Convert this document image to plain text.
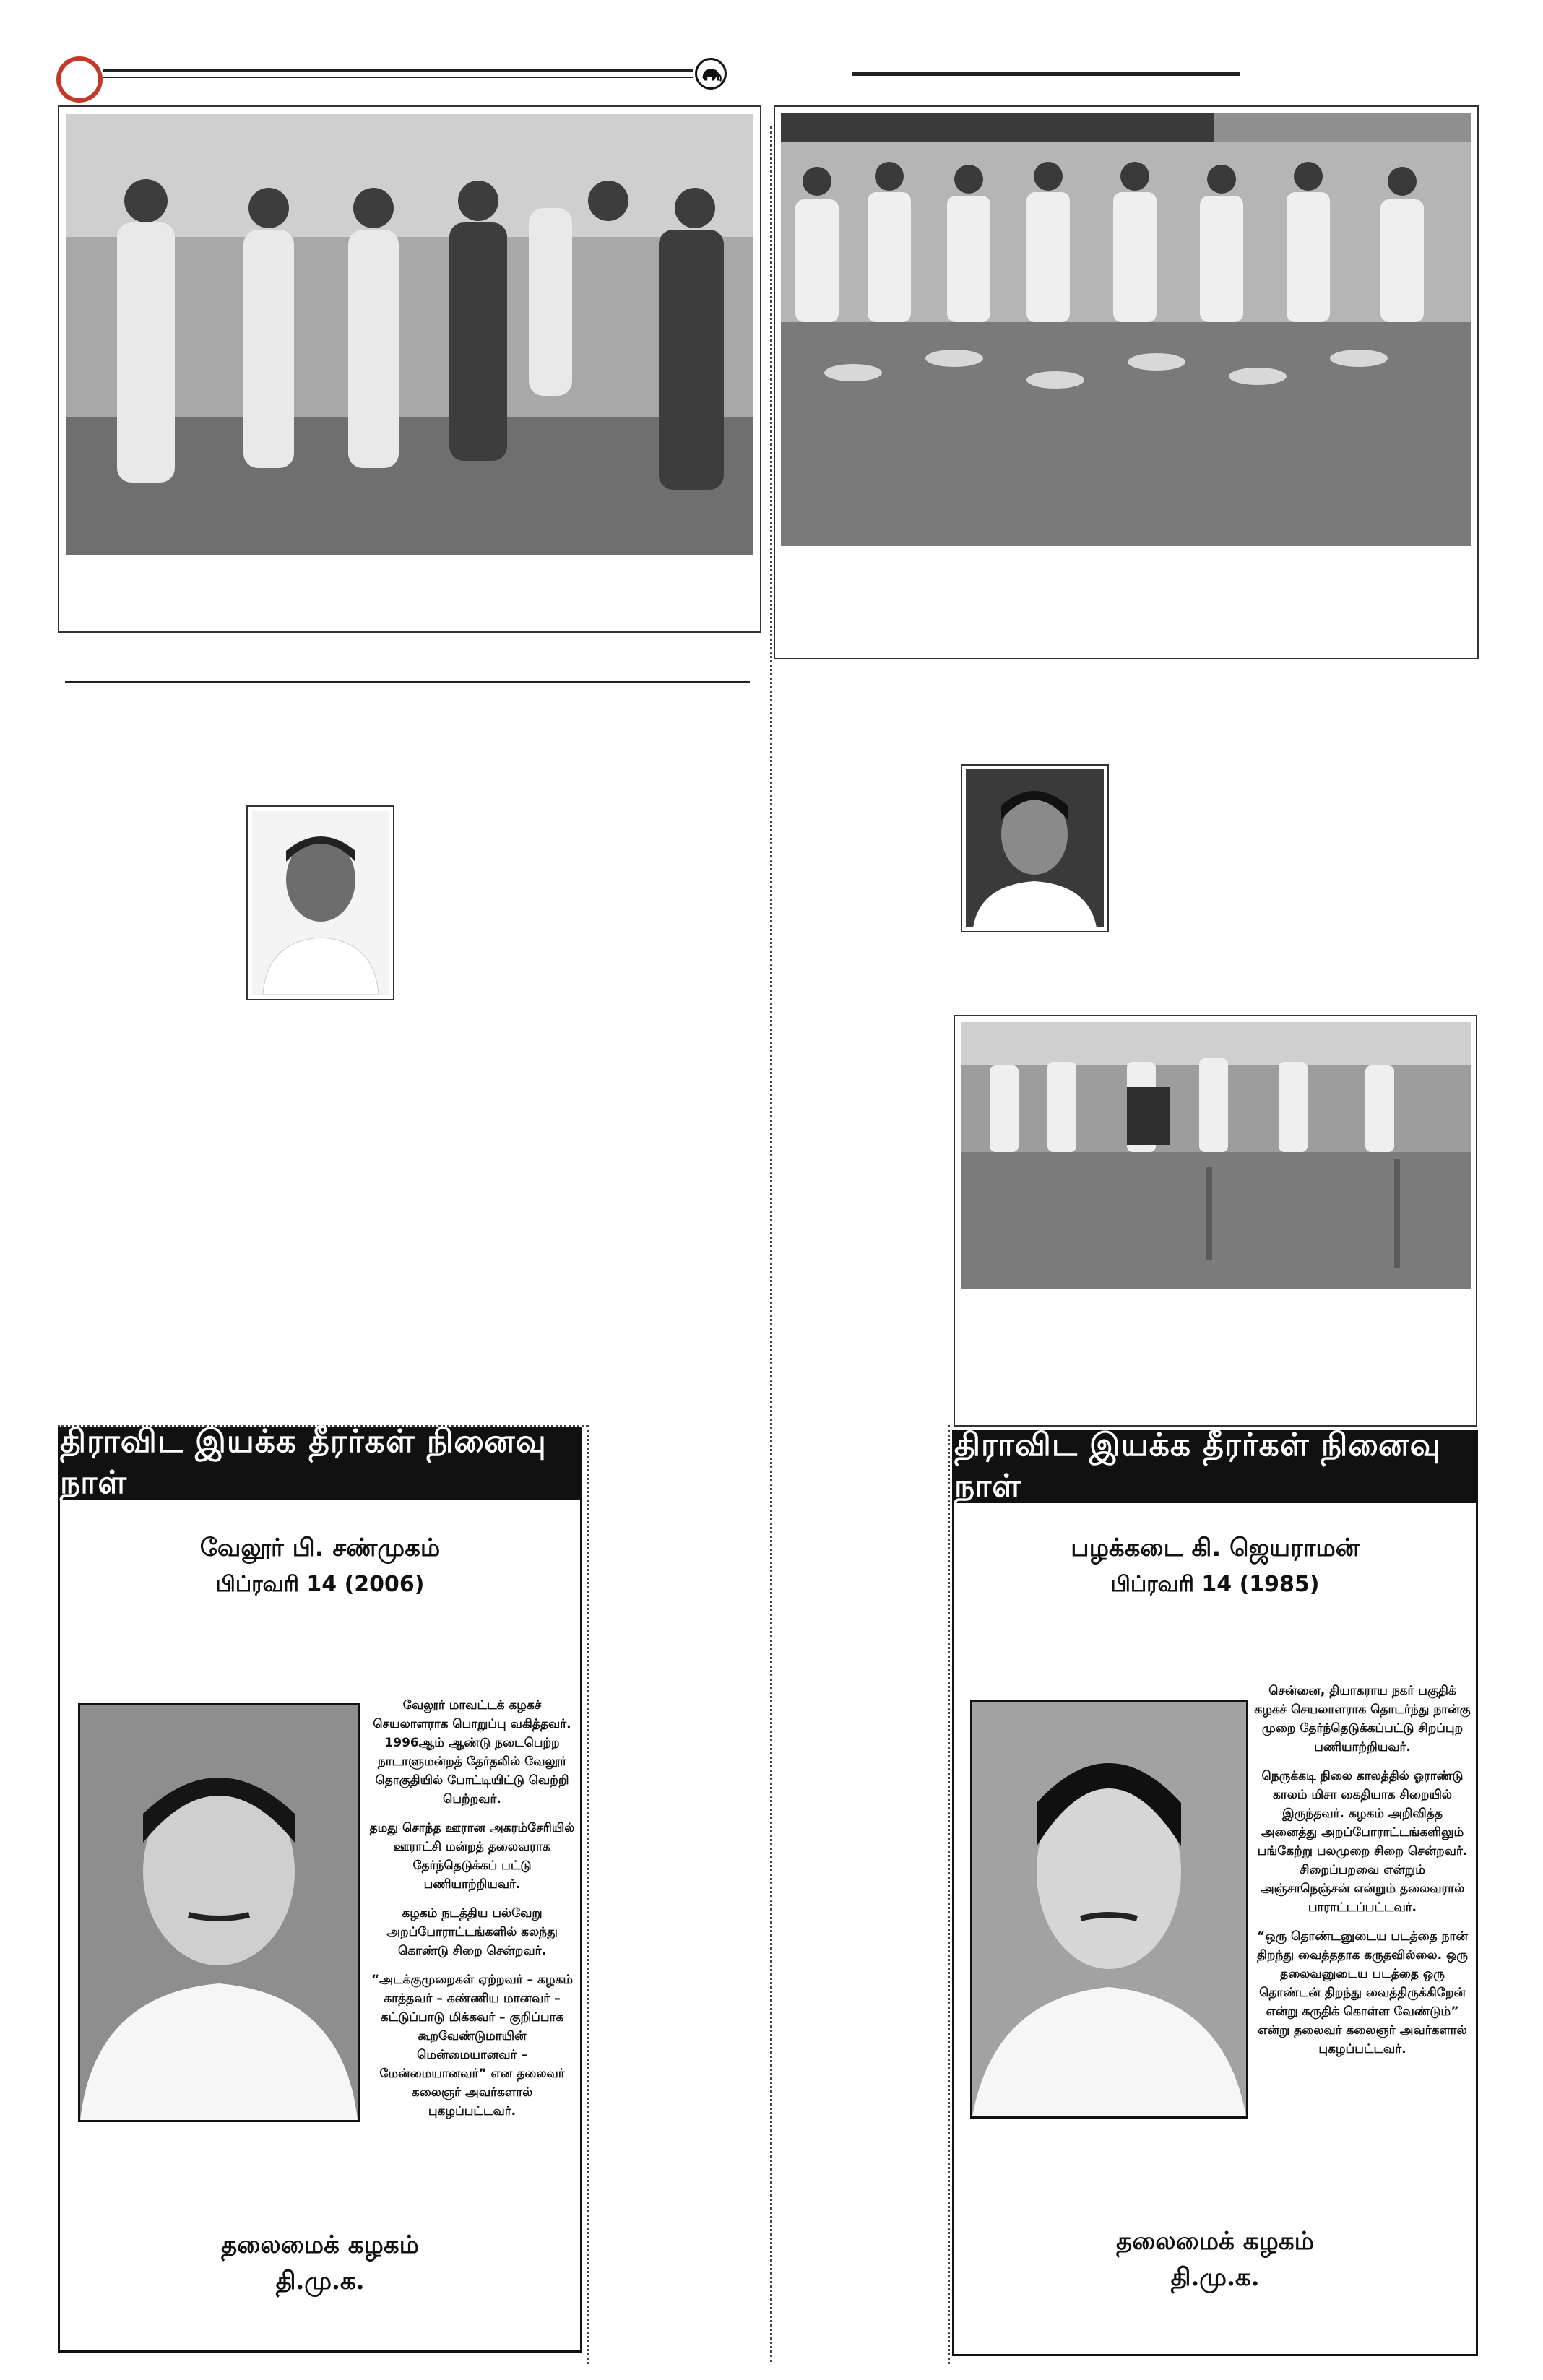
திராவிட இயக்க தீரர்கள் நினைவு நாள்
வேலூர் பி. சண்முகம்
பிப்ரவரி 14 (2006)

வேலூர் மாவட்டக் கழகச் செயலாளராக பொறுப்பு வகித்தவர். 1996ஆம் ஆண்டு நடைபெற்ற நாடாளுமன்றத் தேர்தலில் வேலூர் தொகுதியில் போட்டியிட்டு வெற்றி பெற்றவர்.

தமது சொந்த ஊரான அகரம்சேரியில் ஊராட்சி மன்றத் தலைவராக தேர்ந்தெடுக்கப் பட்டு பணியாற்றியவர்.

கழகம் நடத்திய பல்வேறு அறப்போராட்டங்களில் கலந்து கொண்டு சிறை சென்றவர்.

“அடக்குமுறைகள் ஏற்றவர் – கழகம் காத்தவர் – கண்ணிய மானவர் – கட்டுப்பாடு மிக்கவர் – குறிப்பாக கூறவேண்டுமாயின் மென்மையானவர் – மேன்மையானவர்” என தலைவர் கலைஞர் அவர்களால் புகழப்பட்டவர்.

தலைமைக் கழகம்
தி.மு.க.
திராவிட இயக்க தீரர்கள் நினைவு நாள்
பழக்கடை கி. ஜெயராமன்
பிப்ரவரி 14 (1985)

சென்னை, தியாகராய நகர் பகுதிக் கழகச் செயலாளராக தொடர்ந்து நான்கு முறை தேர்ந்தெடுக்கப்பட்டு சிறப்புற பணியாற்றியவர்.

நெருக்கடி நிலை காலத்தில் ஓராண்டு காலம் மிசா கைதியாக சிறையில் இருந்தவர். கழகம் அறிவித்த அனைத்து அறப்போராட்டங்களிலும் பங்கேற்று பலமுறை சிறை சென்றவர். சிறைப்பறவை என்றும் அஞ்சாநெஞ்சன் என்றும் தலைவரால் பாராட்டப்பட்டவர்.

“ஒரு தொண்டனுடைய படத்தை நான் திறந்து வைத்ததாக கருதவில்லை. ஒரு தலைவனுடைய படத்தை ஒரு தொண்டன் திறந்து வைத்திருக்கிறேன் என்று கருதிக் கொள்ள வேண்டும்” என்று தலைவர் கலைஞர் அவர்களால் புகழப்பட்டவர்.

தலைமைக் கழகம்
தி.மு.க.
